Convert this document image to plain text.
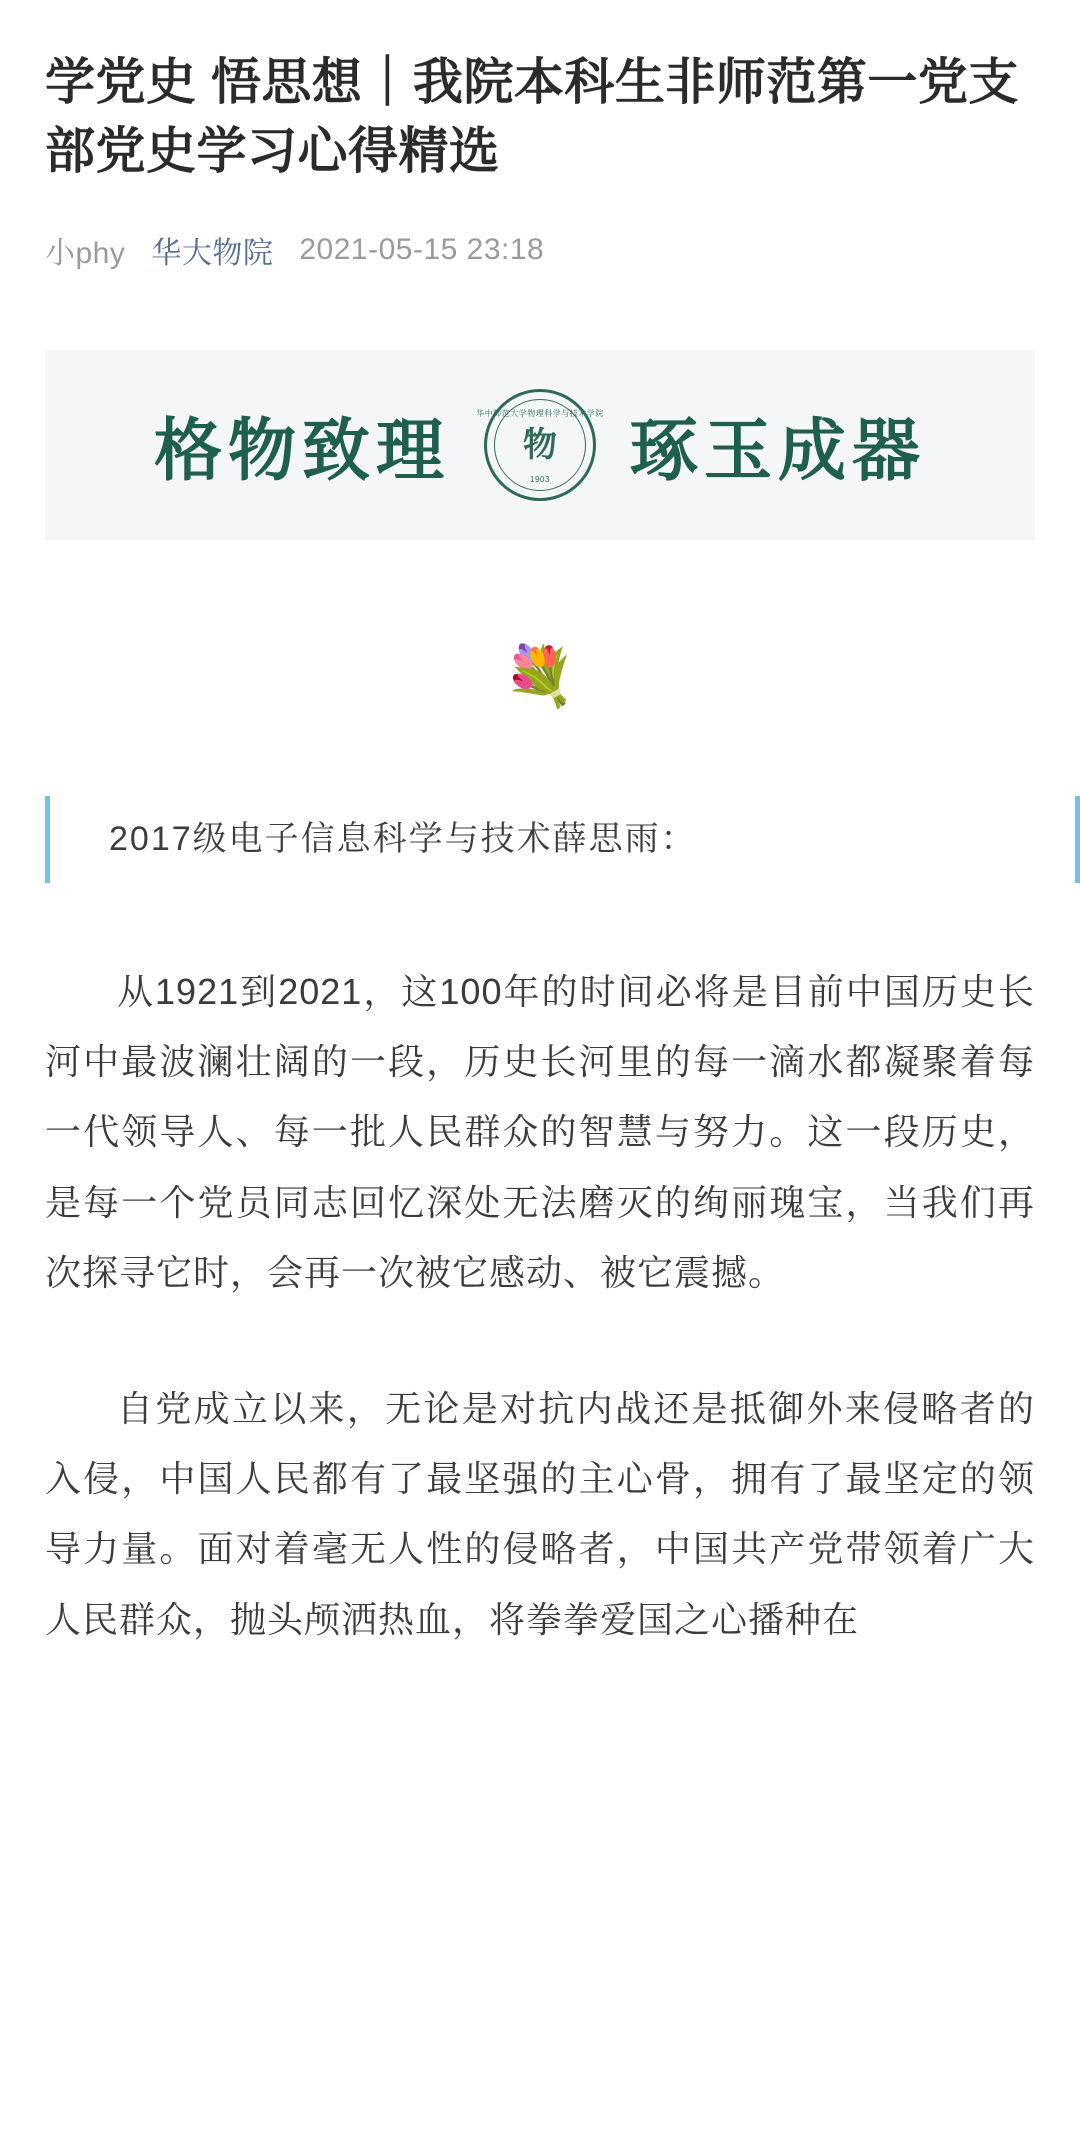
学党史 悟思想｜我院本科生非师范第一党支部党史学习心得精选
小phy 华大物院 2021-05-15 23:18
格物致理	华中师范大学物理科学与技术学院
物
1903 琢玉成器
💐
2017级电子信息科学与技术薛思雨：

从1921到2021，这100年的时间必将是目前中国历史长河中最波澜壮阔的一段，历史长河里的每一滴水都凝聚着每一代领导人、每一批人民群众的智慧与努力。这一段历史，是每一个党员同志回忆深处无法磨灭的绚丽瑰宝，当我们再次探寻它时，会再一次被它感动、被它震撼。

自党成立以来，无论是对抗内战还是抵御外来侵略者的入侵，中国人民都有了最坚强的主心骨，拥有了最坚定的领导力量。面对着毫无人性的侵略者，中国共产党带领着广大人民群众，抛头颅洒热血，将拳拳爱国之心播种在
